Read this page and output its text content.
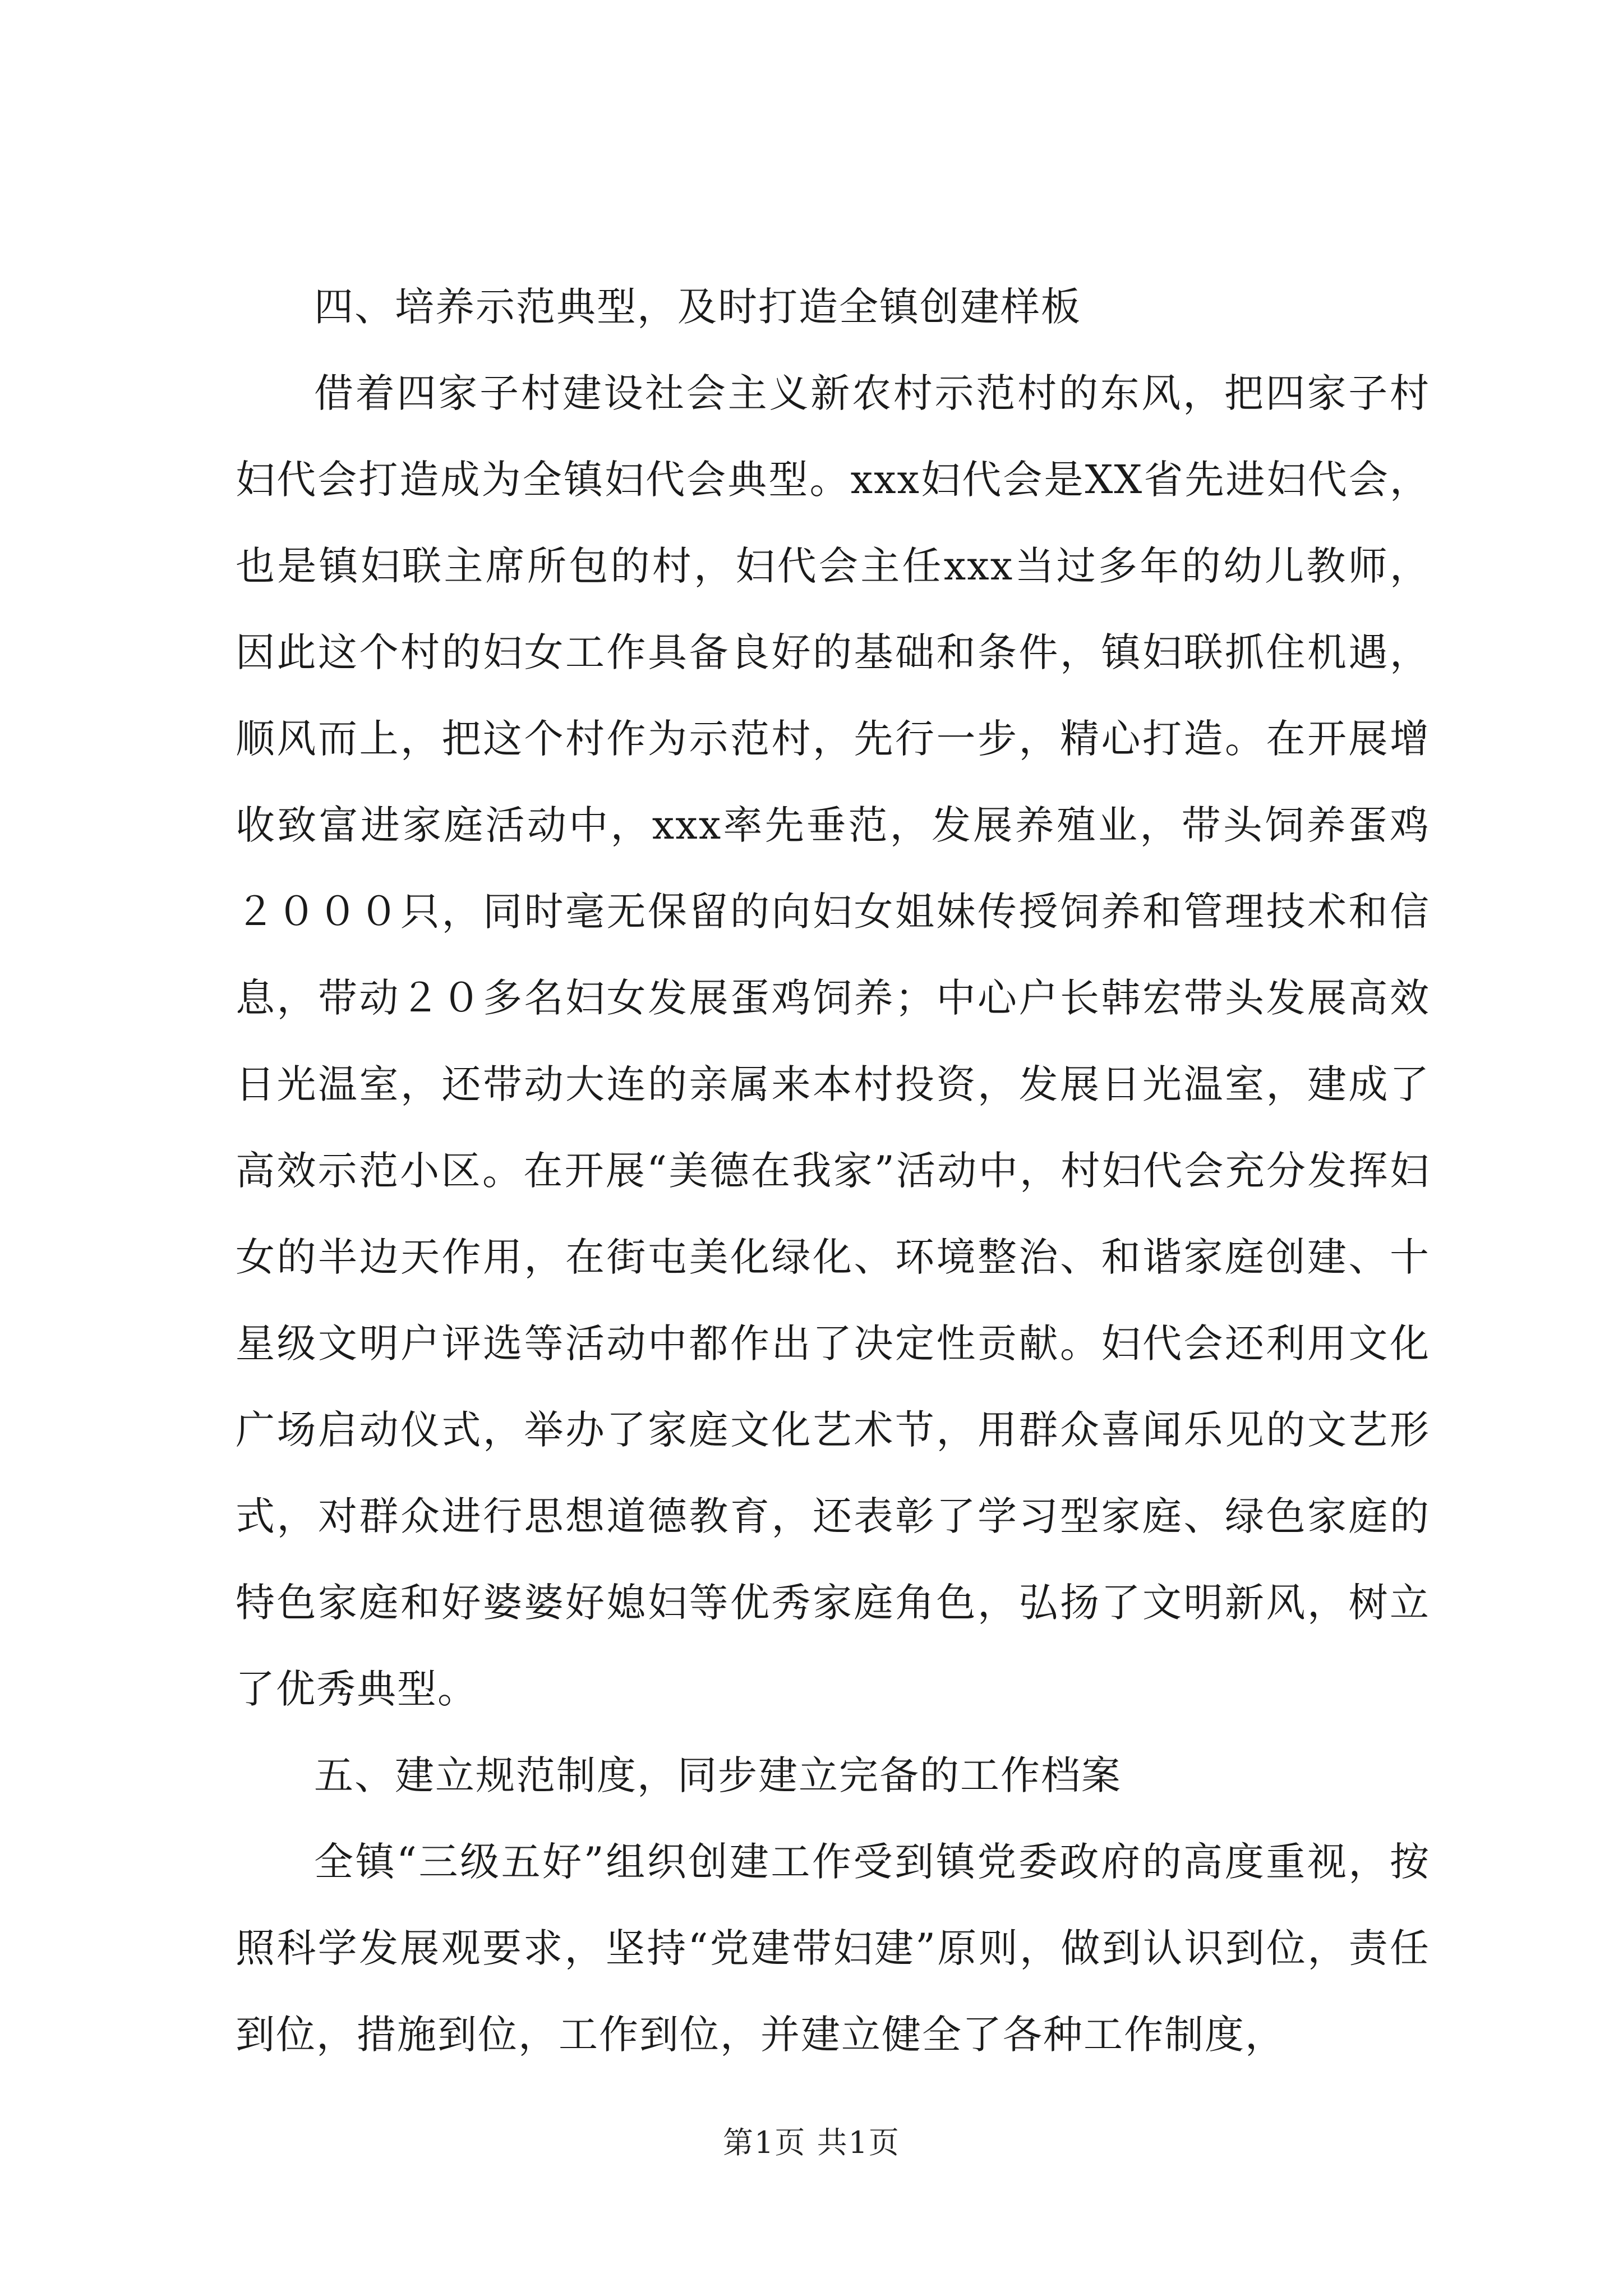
四、培养示范典型，及时打造全镇创建样板

借着四家子村建设社会主义新农村示范村的东风，把四家子村妇代会打造成为全镇妇代会典型。xxx妇代会是XX省先进妇代会，也是镇妇联主席所包的村，妇代会主任xxx当过多年的幼儿教师，因此这个村的妇女工作具备良好的基础和条件，镇妇联抓住机遇，顺风而上，把这个村作为示范村，先行一步，精心打造。在开展增收致富进家庭活动中，xxx率先垂范，发展养殖业，带头饲养蛋鸡２０００只，同时毫无保留的向妇女姐妹传授饲养和管理技术和信息，带动２０多名妇女发展蛋鸡饲养；中心户长韩宏带头发展高效日光温室，还带动大连的亲属来本村投资，发展日光温室，建成了高效示范小区。在开展“美德在我家”活动中，村妇代会充分发挥妇女的半边天作用，在街屯美化绿化、环境整治、和谐家庭创建、十星级文明户评选等活动中都作出了决定性贡献。妇代会还利用文化广场启动仪式，举办了家庭文化艺术节，用群众喜闻乐见的文艺形式，对群众进行思想道德教育，还表彰了学习型家庭、绿色家庭的特色家庭和好婆婆好媳妇等优秀家庭角色，弘扬了文明新风，树立了优秀典型。

五、建立规范制度，同步建立完备的工作档案

全镇“三级五好”组织创建工作受到镇党委政府的高度重视，按照科学发展观要求，坚持“党建带妇建”原则，做到认识到位，责任到位，措施到位，工作到位，并建立健全了各种工作制度，

第1页 共1页
